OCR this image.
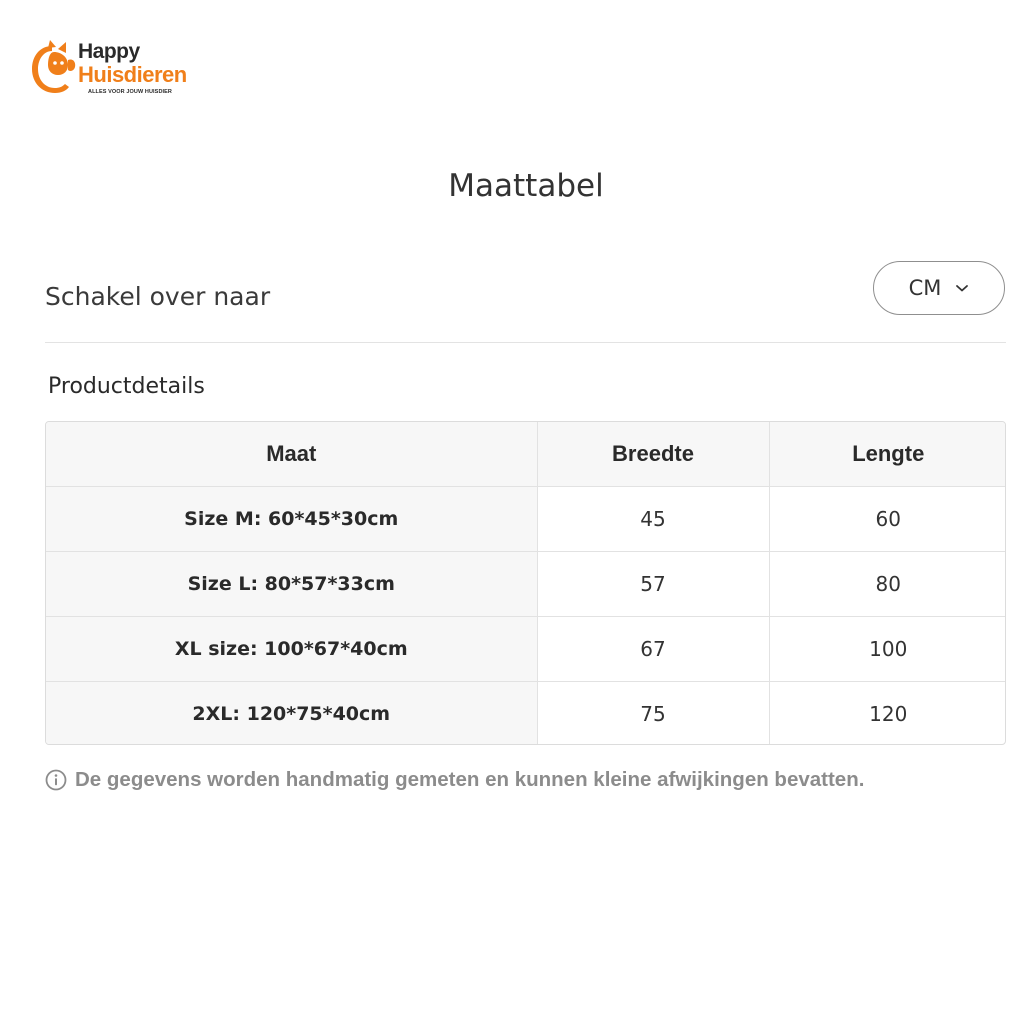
Happy
Huisdieren
ALLES VOOR JOUW HUISDIER
Maattabel
Schakel over naar	CM
Productdetails
Maat	Breedte	Lengte
Size M: 60*45*30cm	45	60
Size L: 80*57*33cm	57	80
XL size: 100*67*40cm	67	100
2XL: 120*75*40cm	75	120
De gegevens worden handmatig gemeten en kunnen kleine afwijkingen bevatten.
